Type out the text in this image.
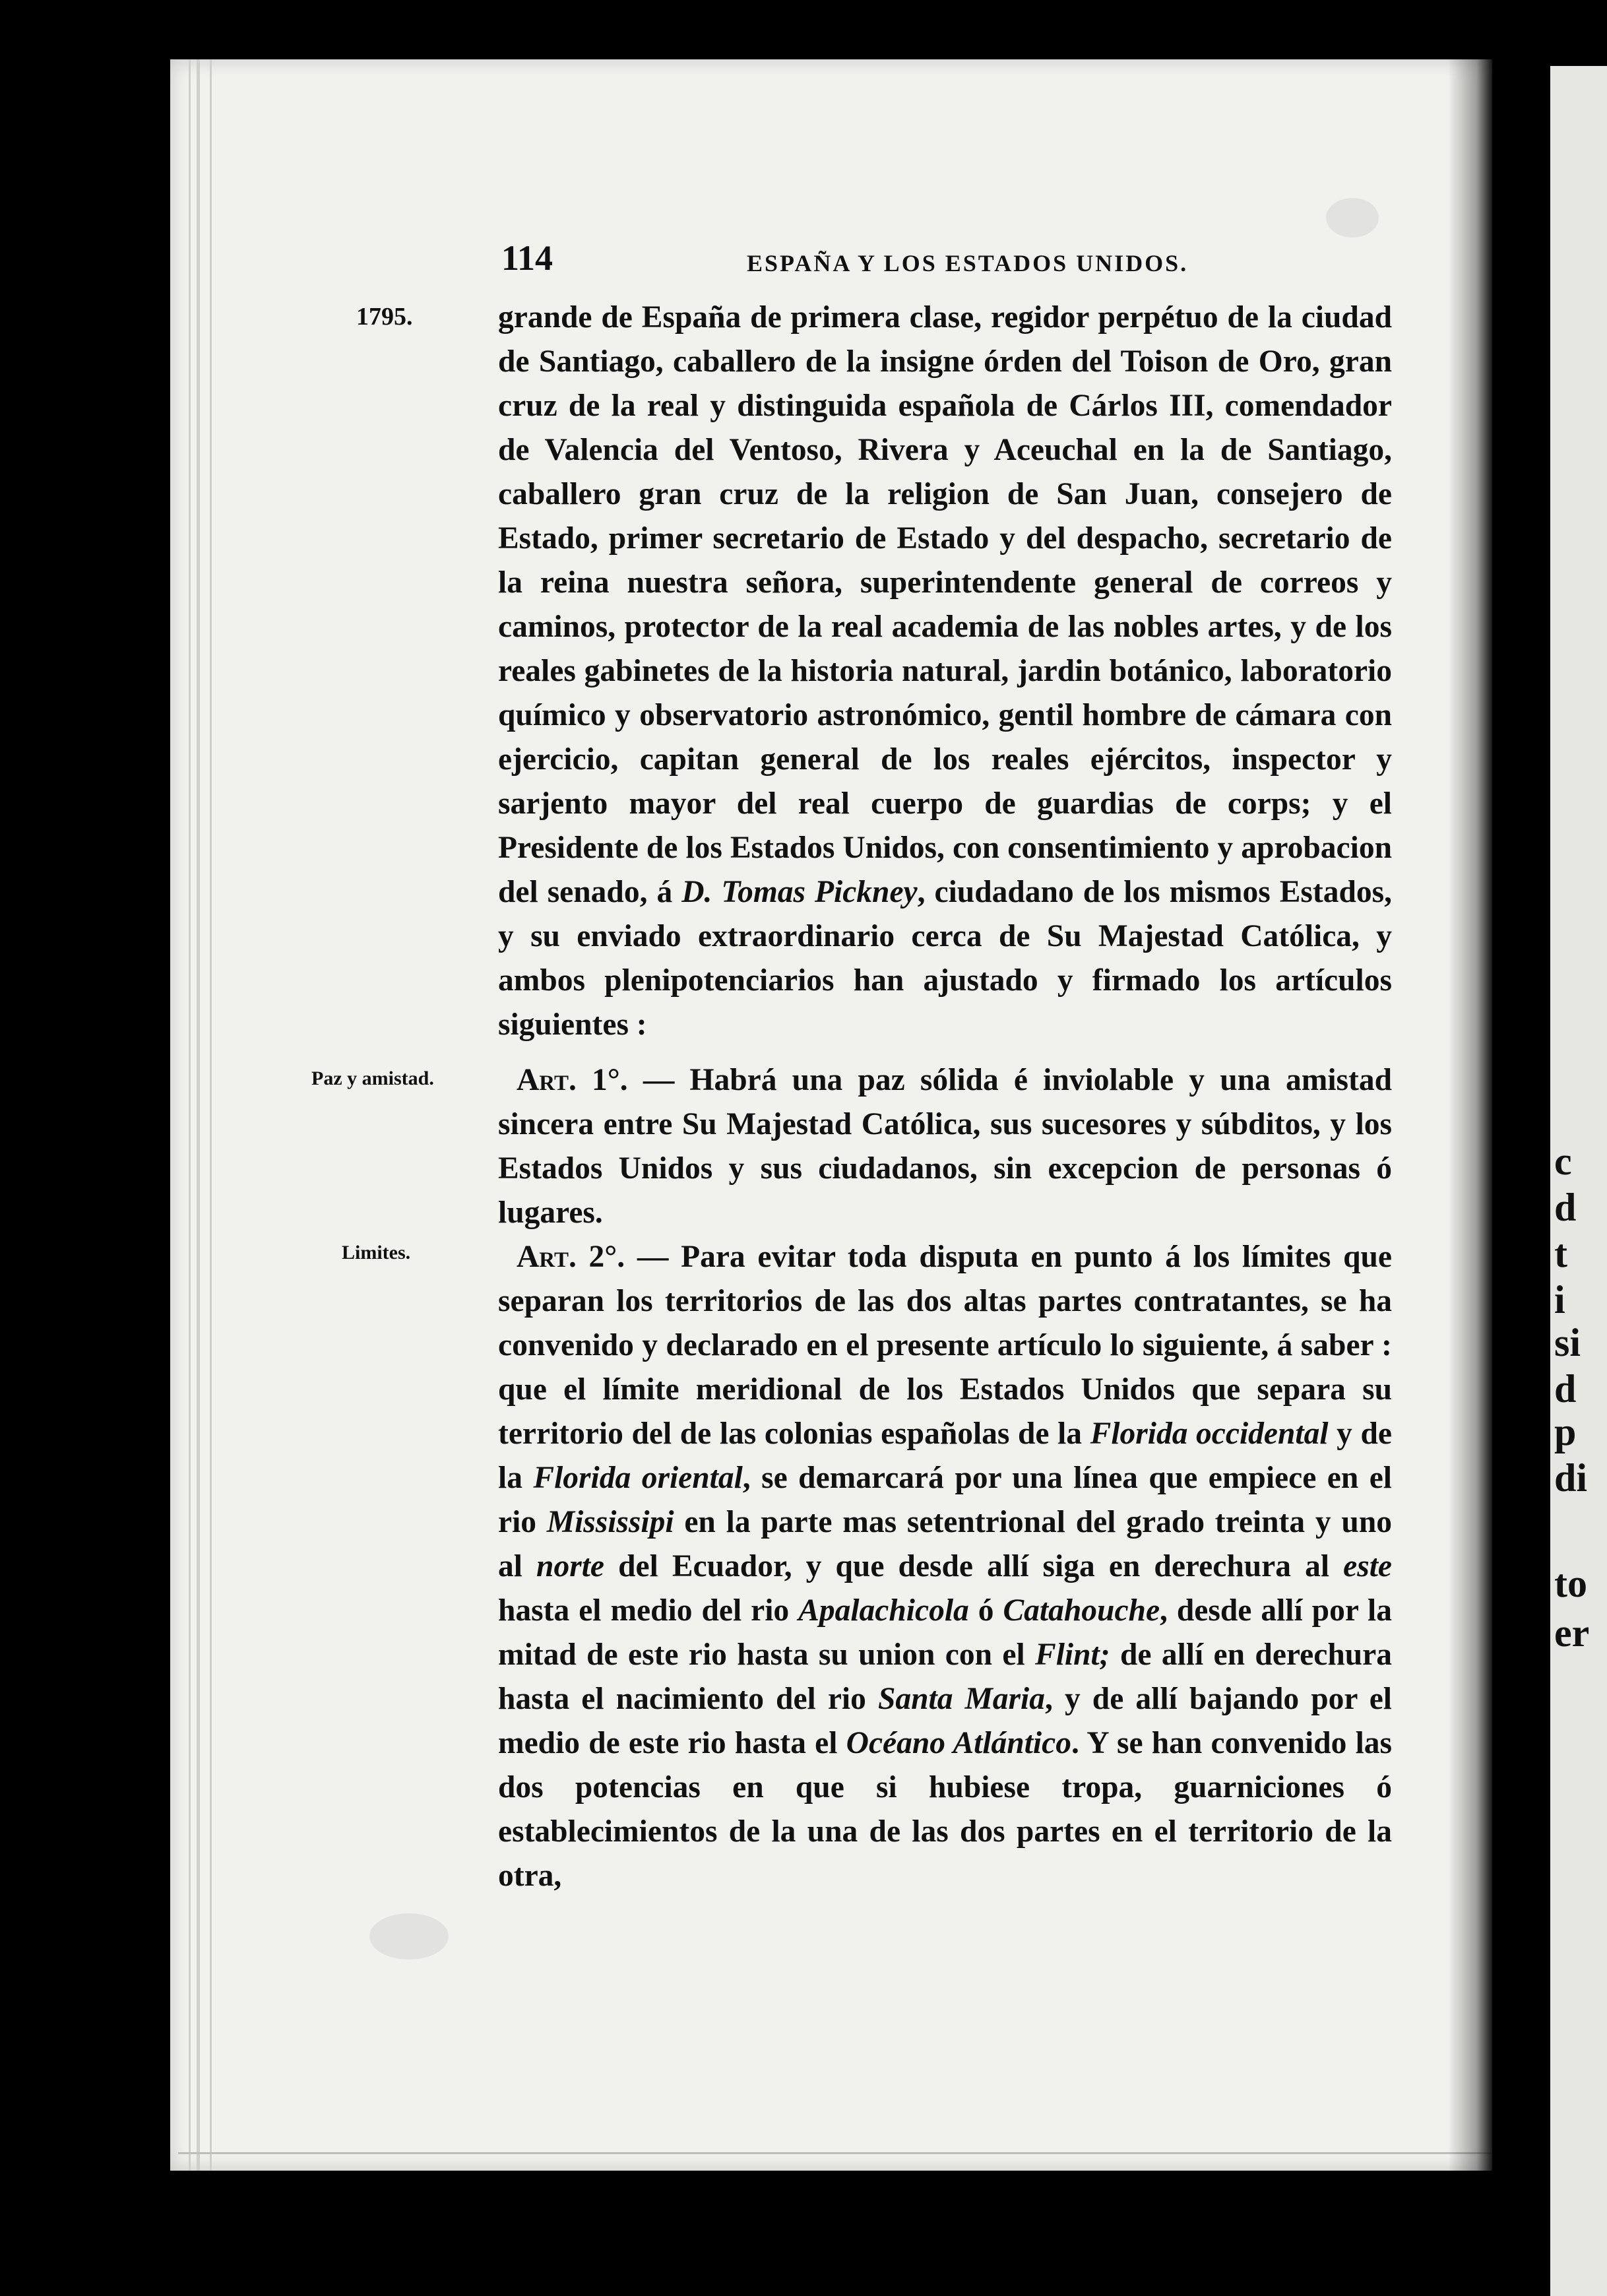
c
d
t
i
si
d
p
di
to
er
114	ESPAÑA Y LOS ESTADOS UNIDOS.
1795.
Paz y amistad.
Limites.

grande de España de primera clase, regidor perpétuo de la ciudad de Santiago, caballero de la insigne órden del Toison de Oro, gran cruz de la real y distinguida española de Cárlos III, comendador de Valencia del Ventoso, Rivera y Aceuchal en la de Santiago, caballero gran cruz de la religion de San Juan, consejero de Estado, primer secretario de Estado y del despacho, secretario de la reina nuestra señora, superintendente general de correos y caminos, protector de la real academia de las nobles artes, y de los reales gabinetes de la historia natural, jardin botánico, laboratorio químico y observatorio astronómico, gentil hombre de cámara con ejercicio, capitan general de los reales ejércitos, inspector y sarjento mayor del real cuerpo de guardias de corps; y el Presidente de los Estados Unidos, con consentimiento y aprobacion del senado, á D. Tomas Pickney, ciudadano de los mismos Estados, y su enviado extraordinario cerca de Su Majestad Católica, y ambos plenipotenciarios han ajustado y firmado los artículos siguientes :

Art. 1°. — Habrá una paz sólida é inviolable y una amistad sincera entre Su Majestad Católica, sus sucesores y súbditos, y los Estados Unidos y sus ciudadanos, sin excepcion de personas ó lugares.

Art. 2°. — Para evitar toda disputa en punto á los límites que separan los territorios de las dos altas partes contratantes, se ha convenido y declarado en el presente artículo lo siguiente, á saber : que el límite meridional de los Estados Unidos que separa su territorio del de las colonias españolas de la Florida occidental y de la Florida oriental, se demarcará por una línea que empiece en el rio Mississipi en la parte mas setentrional del grado treinta y uno al norte del Ecuador, y que desde allí siga en derechura al este hasta el medio del rio Apalachicola ó Catahouche, desde allí por la mitad de este rio hasta su union con el Flint; de allí en derechura hasta el nacimiento del rio Santa Maria, y de allí bajando por el medio de este rio hasta el Océano Atlántico. Y se han convenido las dos potencias en que si hubiese tropa, guarniciones ó establecimientos de la una de las dos partes en el territorio de la otra,
